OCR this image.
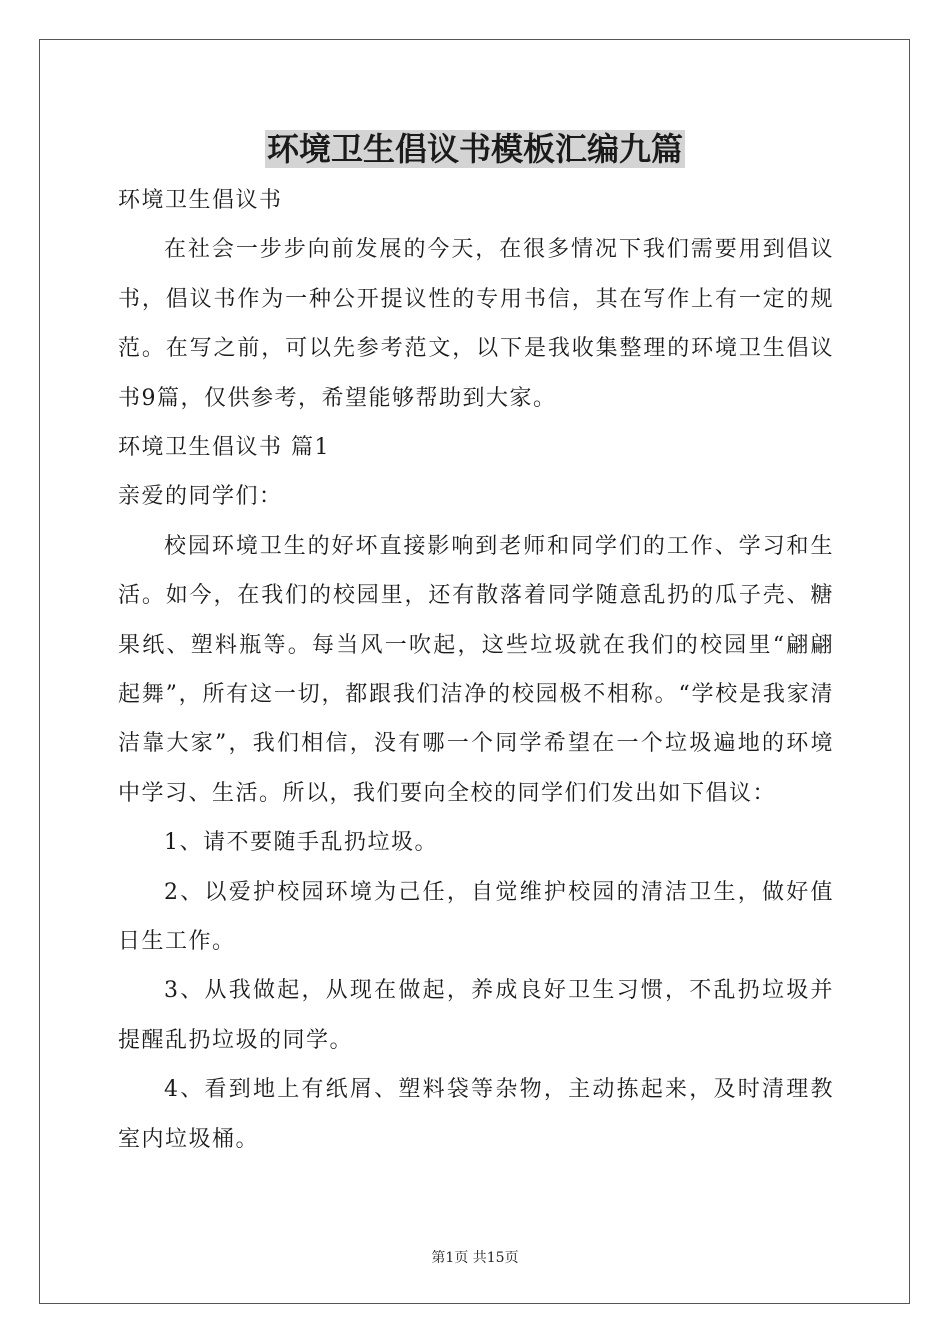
环境卫生倡议书模板汇编九篇
环境卫生倡议书

在社会一步步向前发展的今天，在很多情况下我们需要用到倡议书，倡议书作为一种公开提议性的专用书信，其在写作上有一定的规范。在写之前，可以先参考范文，以下是我收集整理的环境卫生倡议书9篇，仅供参考，希望能够帮助到大家。

环境卫生倡议书 篇1
亲爱的同学们：

校园环境卫生的好坏直接影响到老师和同学们的工作、学习和生活。如今，在我们的校园里，还有散落着同学随意乱扔的瓜子壳、糖果纸、塑料瓶等。每当风一吹起，这些垃圾就在我们的校园里“翩翩起舞”，所有这一切，都跟我们洁净的校园极不相称。“学校是我家清洁靠大家”，我们相信，没有哪一个同学希望在一个垃圾遍地的环境中学习、生活。所以，我们要向全校的同学们们发出如下倡议：

1、请不要随手乱扔垃圾。

2、以爱护校园环境为己任，自觉维护校园的清洁卫生，做好值日生工作。

3、从我做起，从现在做起，养成良好卫生习惯，不乱扔垃圾并提醒乱扔垃圾的同学。

4、看到地上有纸屑、塑料袋等杂物，主动拣起来，及时清理教室内垃圾桶。

第1页 共15页
